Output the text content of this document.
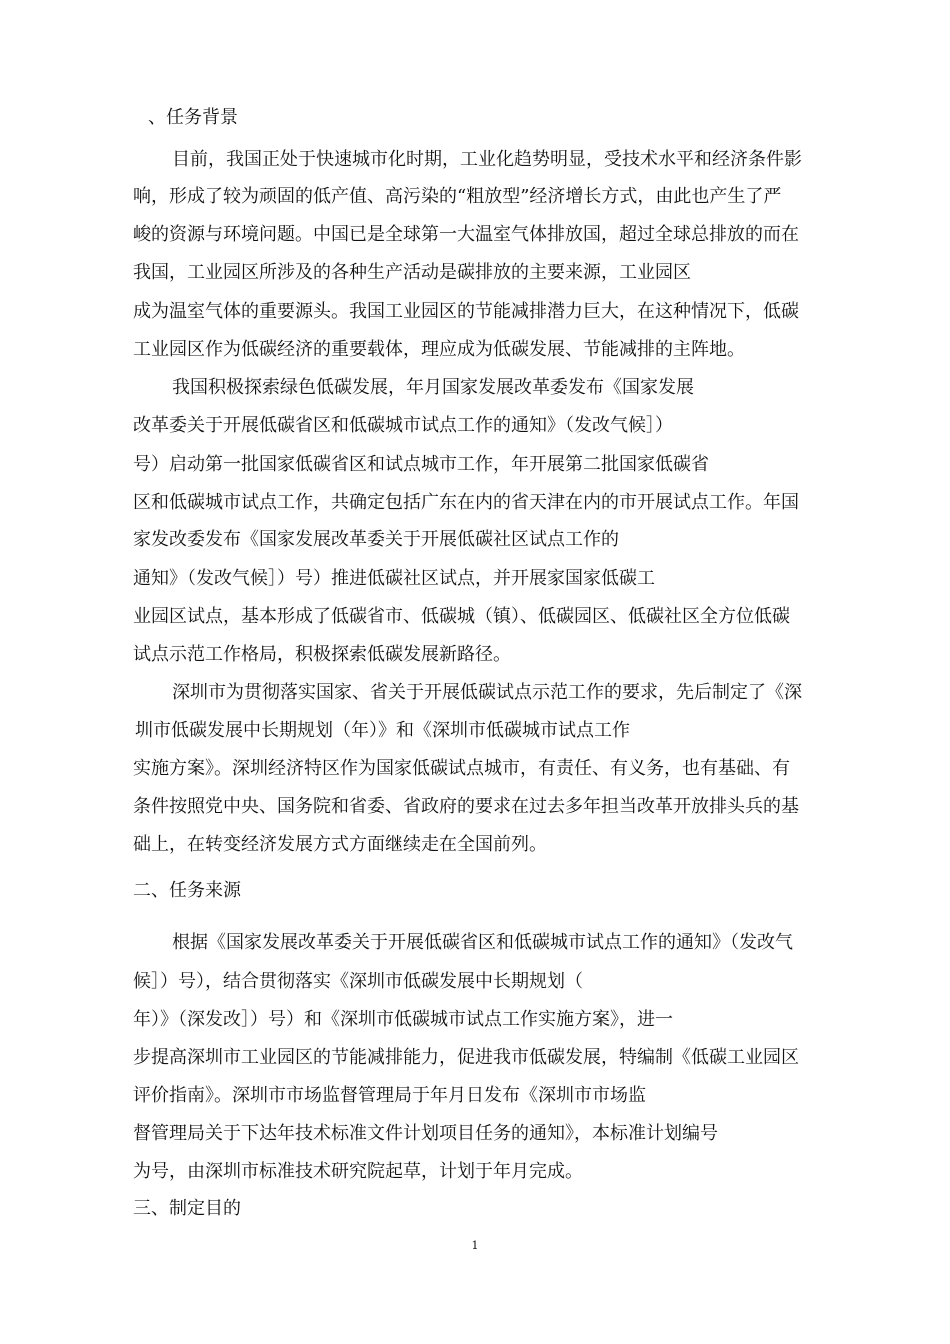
、任务背景
目前，我国正处于快速城市化时期，工业化趋势明显，受技术水平和经济条件影
响，形成了较为顽固的低产值、高污染的“粗放型”经济增长方式，由此也产生了严
峻的资源与环境问题。中国已是全球第一大温室气体排放国，超过全球总排放的而在
我国，工业园区所涉及的各种生产活动是碳排放的主要来源，工业园区
成为温室气体的重要源头。我国工业园区的节能减排潜力巨大，在这种情况下，低碳
工业园区作为低碳经济的重要载体，理应成为低碳发展、节能减排的主阵地。
我国积极探索绿色低碳发展，年月国家发展改革委发布《国家发展
改革委关于开展低碳省区和低碳城市试点工作的通知》（发改气候］）
号）启动第一批国家低碳省区和试点城市工作，年开展第二批国家低碳省
区和低碳城市试点工作，共确定包括广东在内的省天津在内的市开展试点工作。年国
家发改委发布《国家发展改革委关于开展低碳社区试点工作的
通知》（发改气候］）号）推进低碳社区试点，并开展家国家低碳工
业园区试点，基本形成了低碳省市、低碳城（镇）、低碳园区、低碳社区全方位低碳
试点示范工作格局，积极探索低碳发展新路径。
深圳市为贯彻落实国家、省关于开展低碳试点示范工作的要求，先后制定了《深
圳市低碳发展中长期规划（年）》和《深圳市低碳城市试点工作
实施方案》。深圳经济特区作为国家低碳试点城市，有责任、有义务，也有基础、有
条件按照党中央、国务院和省委、省政府的要求在过去多年担当改革开放排头兵的基
础上，在转变经济发展方式方面继续走在全国前列。
二、任务来源
根据《国家发展改革委关于开展低碳省区和低碳城市试点工作的通知》（发改气
候］）号），结合贯彻落实《深圳市低碳发展中长期规划（
年）》（深发改］）号）和《深圳市低碳城市试点工作实施方案》，进一
步提高深圳市工业园区的节能减排能力，促进我市低碳发展，特编制《低碳工业园区
评价指南》。深圳市市场监督管理局于年月日发布《深圳市市场监
督管理局关于下达年技术标准文件计划项目任务的通知》，本标准计划编号
为号，由深圳市标准技术研究院起草，计划于年月完成。
三、制定目的
1
